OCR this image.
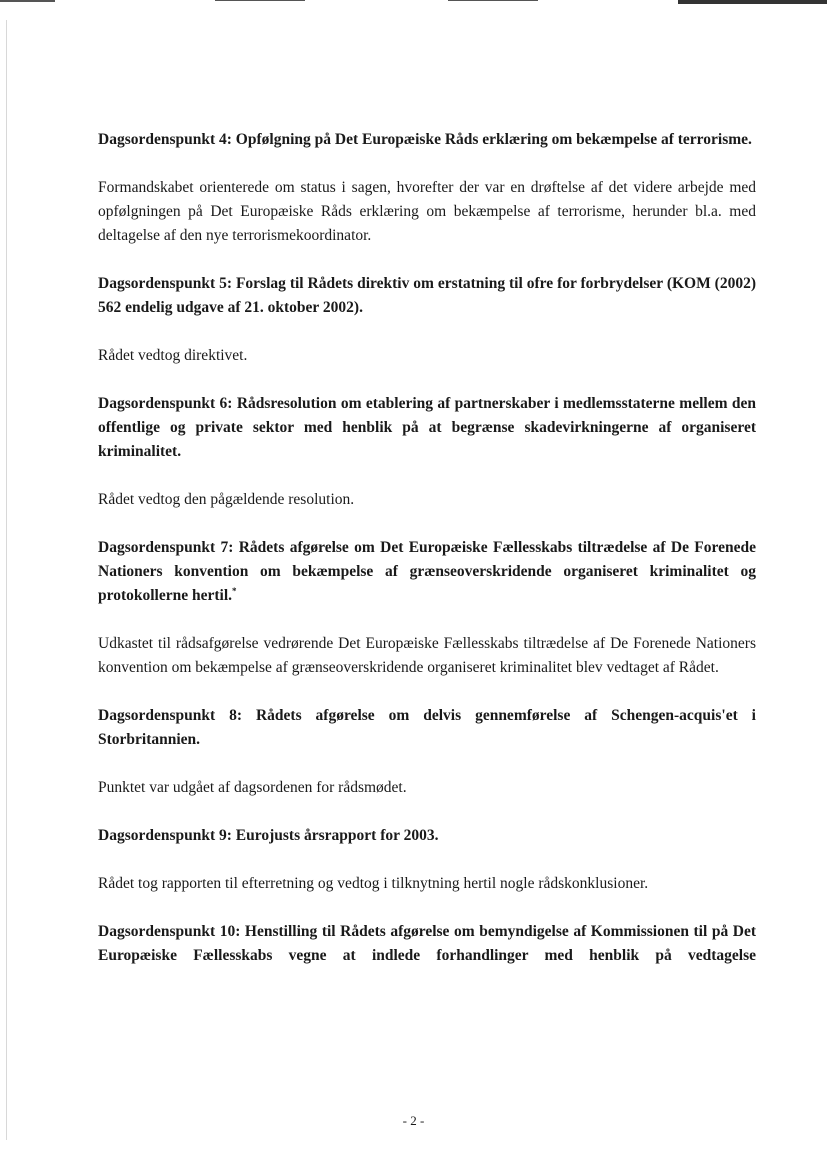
Dagsordenspunkt 4: Opfølgning på Det Europæiske Råds erklæring om bekæmpelse af terrorisme.

Formandskabet orienterede om status i sagen, hvorefter der var en drøftelse af det videre arbejde med opfølgningen på Det Europæiske Råds erklæring om bekæmpelse af terrorisme, herunder bl.a. med deltagelse af den nye terrorismekoordinator.

Dagsordenspunkt 5: Forslag til Rådets direktiv om erstatning til ofre for forbrydelser (KOM (2002) 562 endelig udgave af 21. oktober 2002).

Rådet vedtog direktivet.

Dagsordenspunkt 6: Rådsresolution om etablering af partnerskaber i medlemsstaterne mellem den offentlige og private sektor med henblik på at begrænse skadevirkningerne af organiseret kriminalitet.

Rådet vedtog den pågældende resolution.

Dagsordenspunkt 7: Rådets afgørelse om Det Europæiske Fællesskabs tiltrædelse af De Forenede Nationers konvention om bekæmpelse af grænseoverskridende organiseret kriminalitet og protokollerne hertil.*

Udkastet til rådsafgørelse vedrørende Det Europæiske Fællesskabs tiltrædelse af De Forenede Nationers konvention om bekæmpelse af grænseoverskridende organiseret kriminalitet blev vedtaget af Rådet.

Dagsordenspunkt 8: Rådets afgørelse om delvis gennemførelse af Schengen-acquis'et i Storbritannien.

Punktet var udgået af dagsordenen for rådsmødet.

Dagsordenspunkt 9: Eurojusts årsrapport for 2003.

Rådet tog rapporten til efterretning og vedtog i tilknytning hertil nogle rådskonklusioner.

Dagsordenspunkt 10: Henstilling til Rådets afgørelse om bemyndigelse af Kommissionen til på Det Europæiske Fællesskabs vegne at indlede forhandlinger med henblik på vedtagelse

- 2 -
